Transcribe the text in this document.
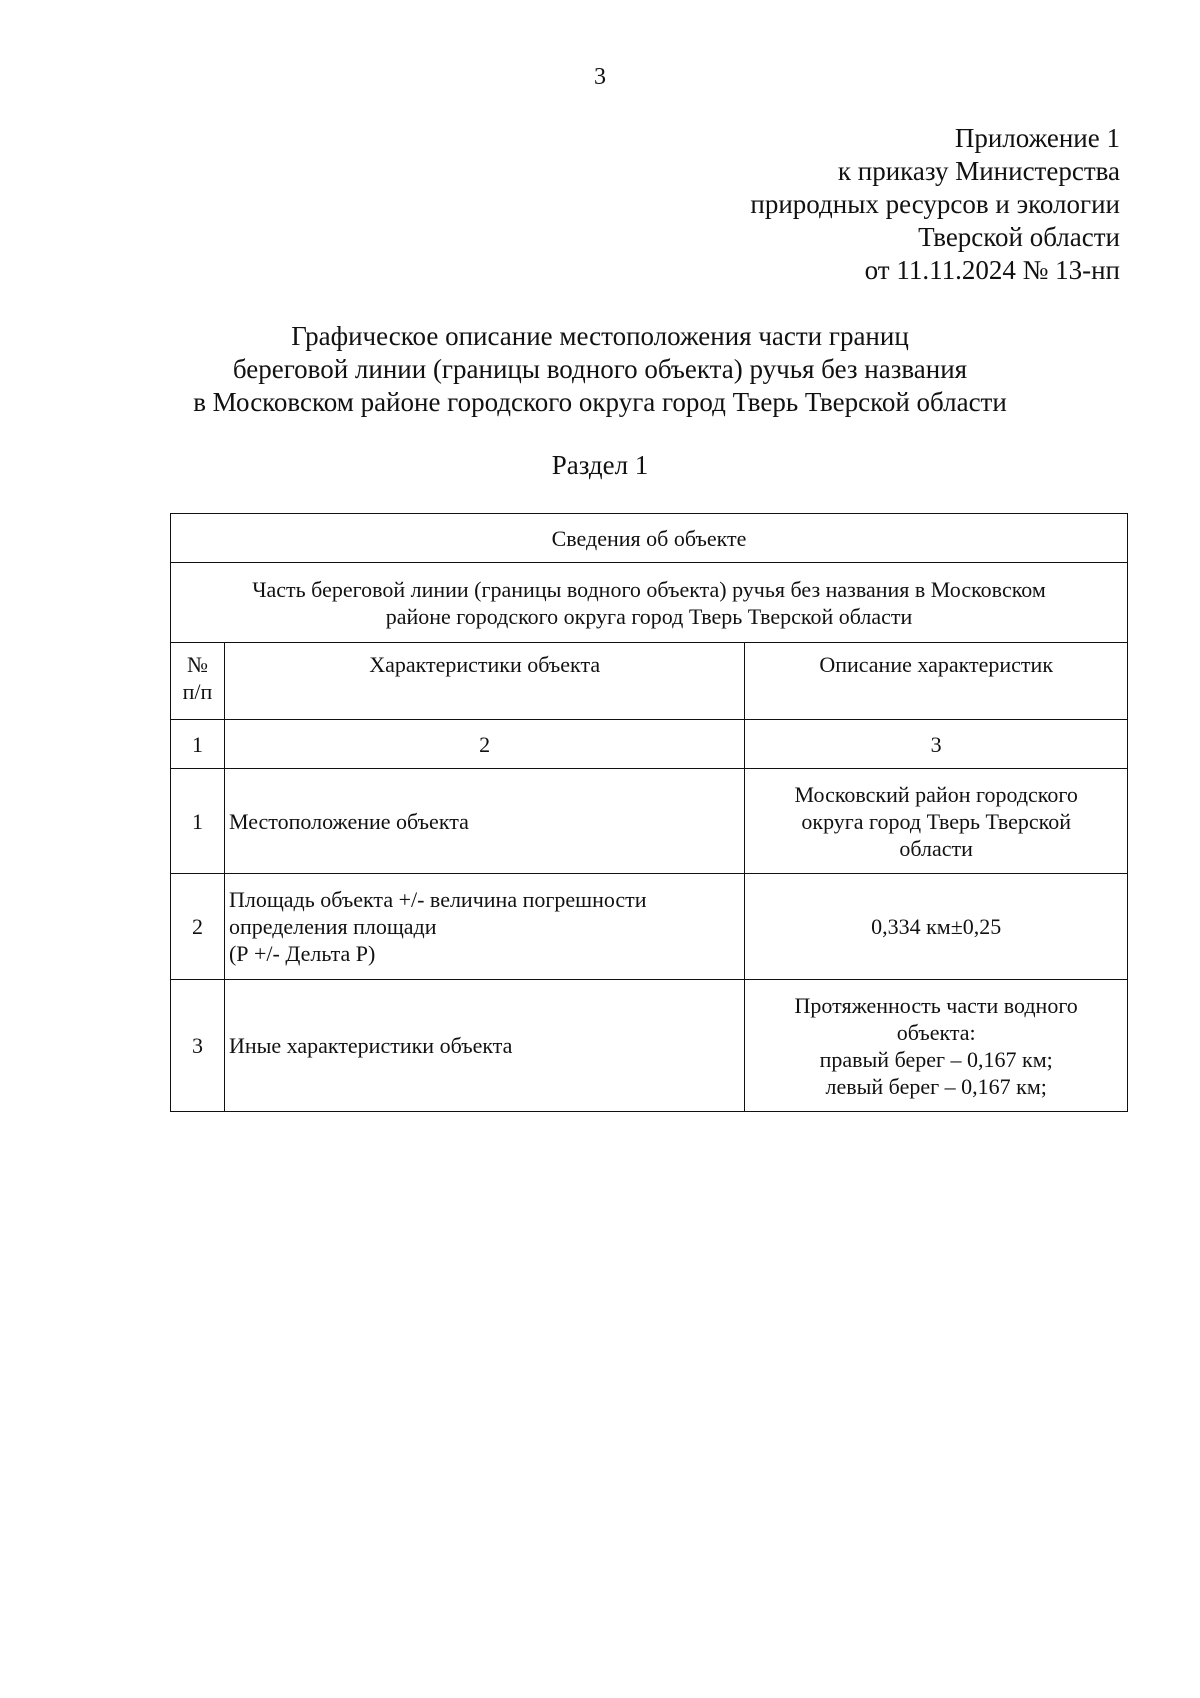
3
Приложение 1
к приказу Министерства
природных ресурсов и экологии
Тверской области
от 11.11.2024 № 13-нп
Графическое описание местоположения части границ
береговой линии (границы водного объекта) ручья без названия
в Московском районе городского округа город Тверь Тверской области
Раздел 1
Сведения об объекте		

Часть береговой линии (границы водного объекта) ручья без названия в Московском
районе городского округа город Тверь Тверской области		

№
п/п	Характеристики объекта	Описание характеристик
1	2	3
1	Местоположение объекта	Московский район городского
округа город Тверь Тверской
области

2	Площадь объекта +/- величина погрешности
определения площади
(Р +/- Дельта Р)	0,334 км±0,25

3	Иные характеристики объекта	Протяженность части водного
объекта:
правый берег – 0,167 км;
левый берег – 0,167 км;
